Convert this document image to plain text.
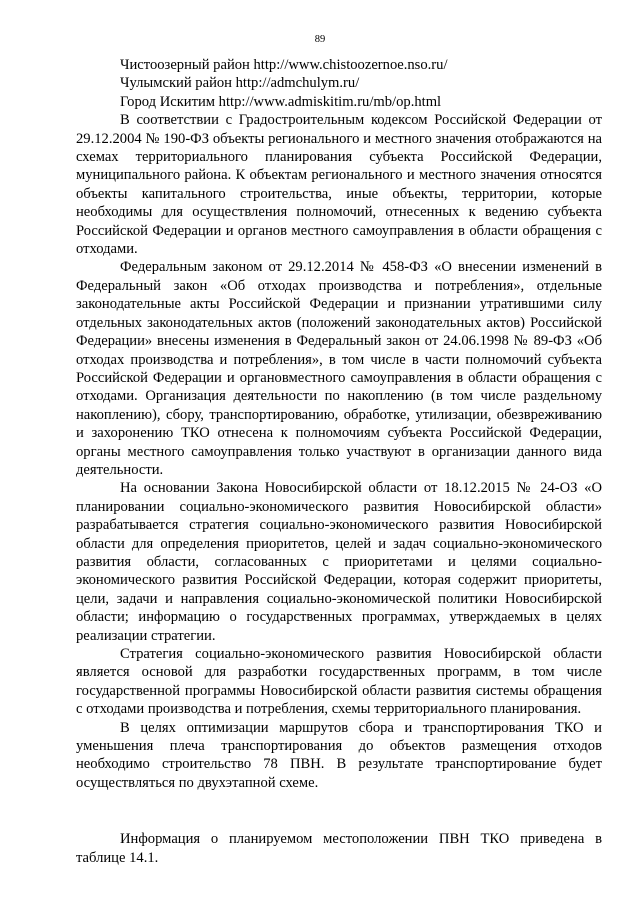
89

Чистоозерный район http://www.chistoozernoe.nso.ru/

Чулымский район http://admchulym.ru/

Город Искитим http://www.admiskitim.ru/mb/op.html

В соответствии с Градостроительным кодексом Российской Федерации от 29.12.2004 № 190-ФЗ объекты регионального и местного значения отображаются на схемах территориального планирования субъекта Российской Федерации, муниципального района. К объектам регионального и местного значения относятся объекты капитального строительства, иные объекты, территории, которые необходимы для осуществления полномочий, отнесенных к ведению субъекта Российской Федерации и органов местного самоуправления в области обращения с отходами.

Федеральным законом от 29.12.2014 № 458-ФЗ «О внесении изменений в Федеральный закон «Об отходах производства и потребления», отдельные законодательные акты Российской Федерации и признании утратившими силу отдельных законодательных актов (положений законодательных актов) Российской Федерации» внесены изменения в Федеральный закон от 24.06.1998 № 89-ФЗ «Об отходах производства и потребления», в том числе в части полномочий субъекта Российской Федерации и органовместного самоуправления в области обращения с отходами. Организация деятельности по накоплению (в том числе раздельному накоплению), сбору, транспортированию, обработке, утилизации, обезвреживанию и захоронению ТКО отнесена к полномочиям субъекта Российской Федерации, органы местного самоуправления только участвуют в организации данного вида деятельности.

На основании Закона Новосибирской области от 18.12.2015 № 24-ОЗ «О планировании социально-экономического развития Новосибирской области» разрабатывается стратегия социально-экономического развития Новосибирской области для определения приоритетов, целей и задач социально-экономического развития области, согласованных с приоритетами и целями социально-экономического развития Российской Федерации, которая содержит приоритеты, цели, задачи и направления социально-экономической политики Новосибирской области; информацию о государственных программах, утверждаемых в целях реализации стратегии.

Стратегия социально-экономического развития Новосибирской области является основой для разработки государственных программ, в том числе государственной программы Новосибирской области развития системы обращения с отходами производства и потребления, схемы территориального планирования.

В целях оптимизации маршрутов сбора и транспортирования ТКО и уменьшения плеча транспортирования до объектов размещения отходов необходимо строительство 78 ПВН. В результате транспортирование будет осуществляться по двухэтапной схеме.

Информация о планируемом местоположении ПВН ТКО приведена в таблице 14.1.
